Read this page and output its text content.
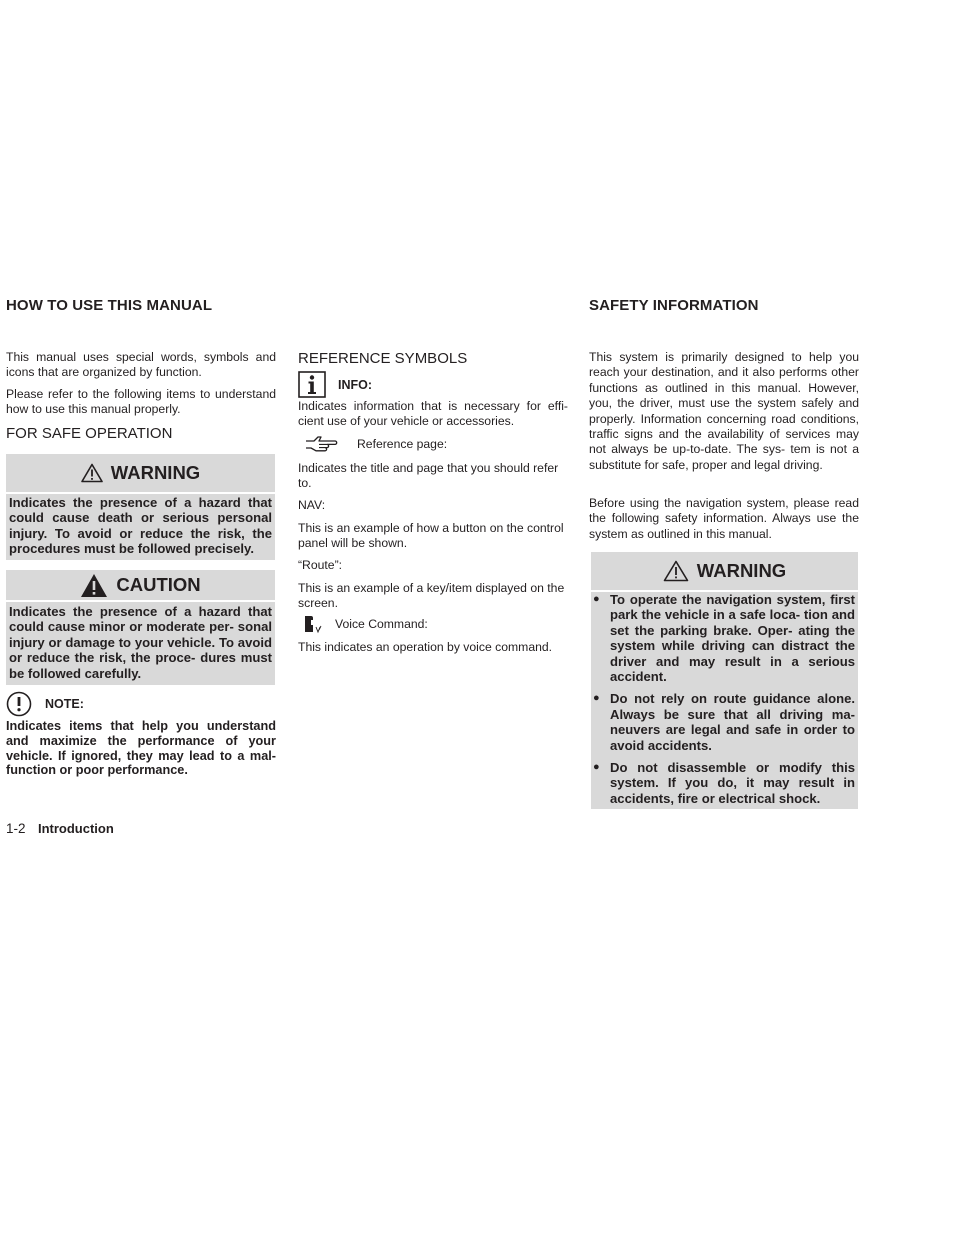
HOW TO USE THIS MANUAL

This manual uses special words, symbols and icons that are organized by function.

Please refer to the following items to understand how to use this manual properly.

FOR SAFE OPERATION
WARNING
Indicates the presence of a hazard that could cause death or serious personal injury. To avoid or reduce the risk, the procedures must be followed precisely.
CAUTION
Indicates the presence of a hazard that could cause minor or moderate per- sonal injury or damage to your vehicle. To avoid or reduce the risk, the proce- dures must be followed carefully.
NOTE:

Indicates items that help you understand and maximize the performance of your vehicle. If ignored, they may lead to a mal- function or poor performance.

REFERENCE SYMBOLS
INFO:

Indicates information that is necessary for effi- cient use of your vehicle or accessories.

Reference page:

Indicates the title and page that you should refer to.

NAV:

This is an example of how a button on the control panel will be shown.

“Route”:

This is an example of a key/item displayed on the screen.

Voice Command:

This indicates an operation by voice command.

SAFETY INFORMATION

This system is primarily designed to help you reach your destination, and it also performs other functions as outlined in this manual. However, you, the driver, must use the system safely and properly. Information concerning road conditions, traffic signs and the availability of services may not always be up-to-date. The sys- tem is not a substitute for safe, proper and legal driving.

Before using the navigation system, please read the following safety information. Always use the system as outlined in this manual.

WARNING
● To operate the navigation system, first park the vehicle in a safe loca- tion and set the parking brake. Oper- ating the system while driving can distract the driver and may result in a serious accident.
● Do not rely on route guidance alone. Always be sure that all driving ma- neuvers are legal and safe in order to avoid accidents.
● Do not disassemble or modify this system. If you do, it may result in accidents, fire or electrical shock.
1-2 Introduction
